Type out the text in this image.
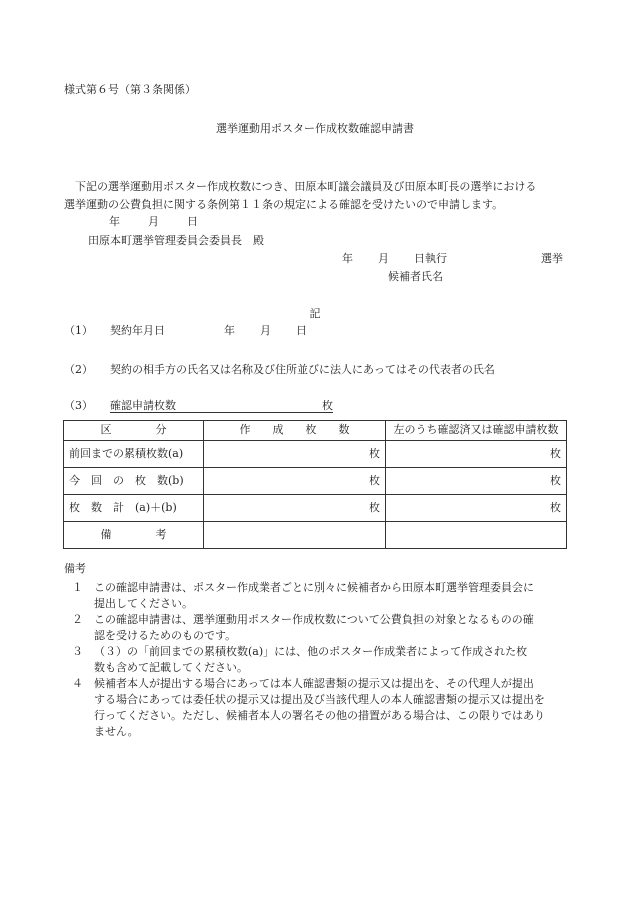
様式第６号（第３条関係）
選挙運動用ポスター作成枚数確認申請書
下記の選挙運動用ポスター作成枚数につき、田原本町議会議員及び田原本町長の選挙における
選挙運動の公費負担に関する条例第１１条の規定による確認を受けたいので申請します。
年	月	日
田原本町選挙管理委員会委員長　殿
年 月 日執行	選挙
候補者氏名
記
（1） 契約年月日	年 月 日
（2） 契約の相手方の氏名又は名称及び住所並びに法人にあってはその代表者の氏名
（3） 確認申請枚数	枚
区　　　　分	作　　成　　枚　　数	左のうち確認済又は確認申請枚数
前回までの累積枚数(a)	枚	枚
今　回　の　枚　数(b)	枚	枚
枚　数　計　(a)＋(b)	枚	枚
備　　　　考		
備考
１	この確認申請書は、ポスター作成業者ごとに別々に候補者から田原本町選挙管理委員会に
提出してください。
２	この確認申請書は、選挙運動用ポスター作成枚数について公費負担の対象となるものの確
認を受けるためのものです。
３	（３）の「前回までの累積枚数(a)」には、他のポスター作成業者によって作成された枚
数も含めて記載してください。
４	候補者本人が提出する場合にあっては本人確認書類の提示又は提出を、その代理人が提出
する場合にあっては委任状の提示又は提出及び当該代理人の本人確認書類の提示又は提出を
行ってください。ただし、候補者本人の署名その他の措置がある場合は、この限りではあり
ません。
